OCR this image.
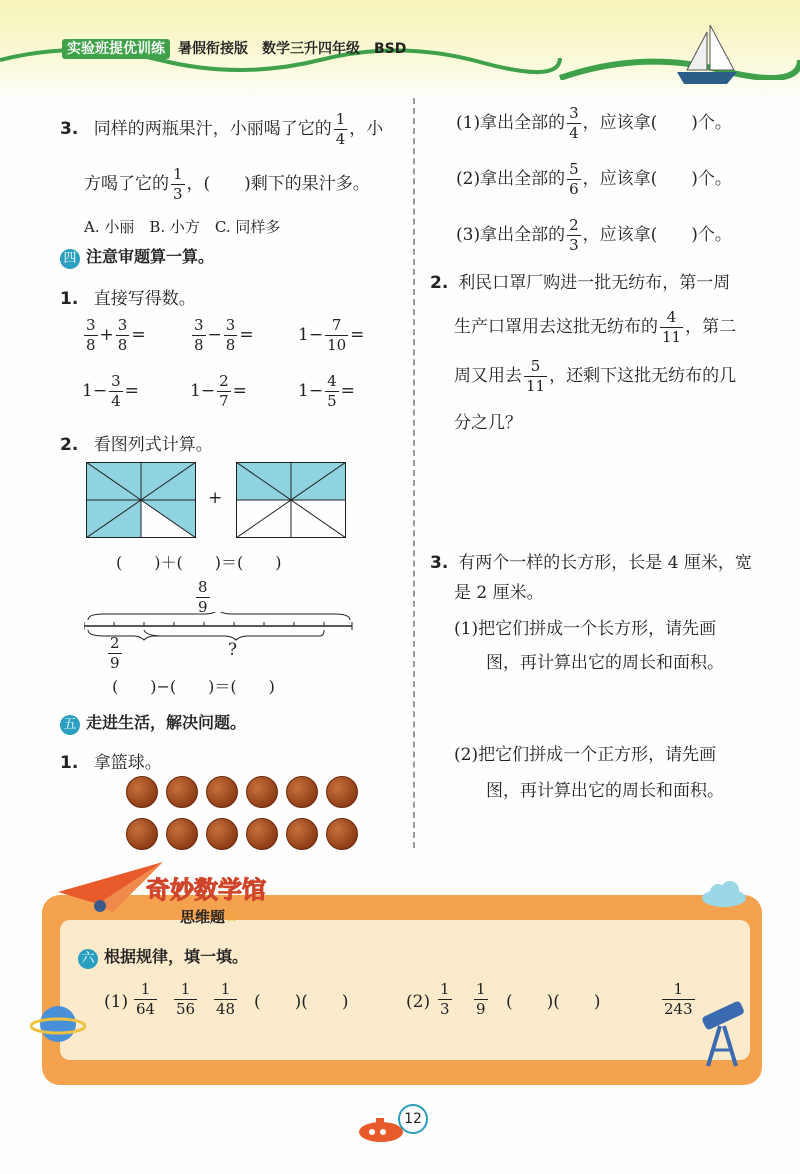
实验班提优训练 暑假衔接版 数学三升四年级 BSD
3. 同样的两瓶果汁，小丽喝了它的 $\frac{1}{4}$ ，小
方喝了它的 $\frac{1}{3}$ ，(　　)剩下的果汁多。
A. 小丽　B. 小方　C. 同样多
四 注意审题算一算。
1. 直接写得数。
$\frac{3}{8} + \frac{3}{8}$ =	$\frac{3}{8} - \frac{3}{8}$ =	$1- \frac{7}{10}$ =
$1- \frac{3}{4}$ =	$1- \frac{2}{7}$ =	$1- \frac{4}{5}$ =
2. 看图列式计算。
+
(　　)＋(　　)＝(　　)
$\frac{8}{9}$
$\frac{2}{9}$	?
(　　)−(　　)＝(　　)
五 走进生活，解决问题。
1. 拿篮球。
(1)拿出全部的 $\frac{3}{4}$ ，应该拿(　　)个。
(2)拿出全部的 $\frac{5}{6}$ ，应该拿(　　)个。
(3)拿出全部的 $\frac{2}{3}$ ，应该拿(　　)个。
2. 利民口罩厂购进一批无纺布，第一周
生产口罩用去这批无纺布的 $\frac{4}{11}$ ，第二
周又用去 $\frac{5}{11}$ ，还剩下这批无纺布的几
分之几？
3. 有两个一样的长方形，长是 4 厘米，宽
是 2 厘米。
(1)把它们拼成一个长方形，请先画
图，再计算出它的周长和面积。
(2)把它们拼成一个正方形，请先画
图，再计算出它的周长和面积。
奇妙数学馆
思维题☆
六 根据规律，填一填。
$(1) \frac{1}{64} \frac{1}{56} \frac{1}{48}$ (　　)(　　)	$(2) \frac{1}{3} \frac{1}{9}$ (　　)(　　)	$\frac{1}{243}$
12
